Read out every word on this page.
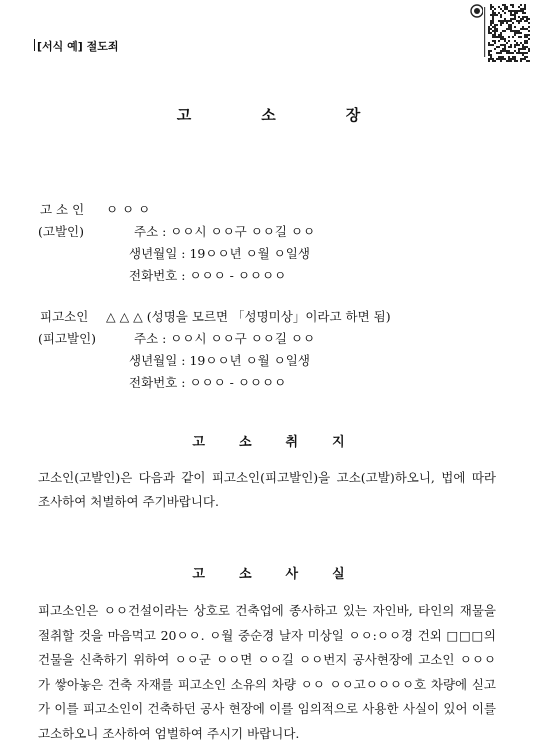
[서식 예] 절도죄
고	소	장
고 소 인 ㅇ ㅇ ㅇ
(고발인)	주소 : ㅇㅇ시 ㅇㅇ구 ㅇㅇ길 ㅇㅇ
생년월일 : 19ㅇㅇ년 ㅇ월 ㅇ일생
전화번호 : ㅇㅇㅇ - ㅇㅇㅇㅇ
피고소인 △ △ △ (성명을 모르면 「성명미상」이라고 하면 됨)
(피고발인)	주소 : ㅇㅇ시 ㅇㅇ구 ㅇㅇ길 ㅇㅇ
생년월일 : 19ㅇㅇ년 ㅇ월 ㅇ일생
전화번호 : ㅇㅇㅇ - ㅇㅇㅇㅇ
고	소	취	지
고소인(고발인)은 다음과 같이 피고소인(피고발인)을 고소(고발)하오니, 법에 따라 조사하여 처벌하여 주기바랍니다.
고	소	사	실
피고소인은 ㅇㅇ건설이라는 상호로 건축업에 종사하고 있는 자인바, 타인의 재물을 절취할 것을 마음먹고 20ㅇㅇ. ㅇ월 중순경 날자 미상일 ㅇㅇ:ㅇㅇ경 건외 □□□의 건물을 신축하기 위하여 ㅇㅇ군 ㅇㅇ면 ㅇㅇ길 ㅇㅇ번지 공사현장에 고소인 ㅇㅇㅇ가 쌓아놓은 건축 자재를 피고소인 소유의 차량 ㅇㅇ ㅇㅇ고ㅇㅇㅇㅇ호 차량에 싣고 가 이를 피고소인이 건축하던 공사 현장에 이를 임의적으로 사용한 사실이 있어 이를 고소하오니 조사하여 엄벌하여 주시기 바랍니다.
